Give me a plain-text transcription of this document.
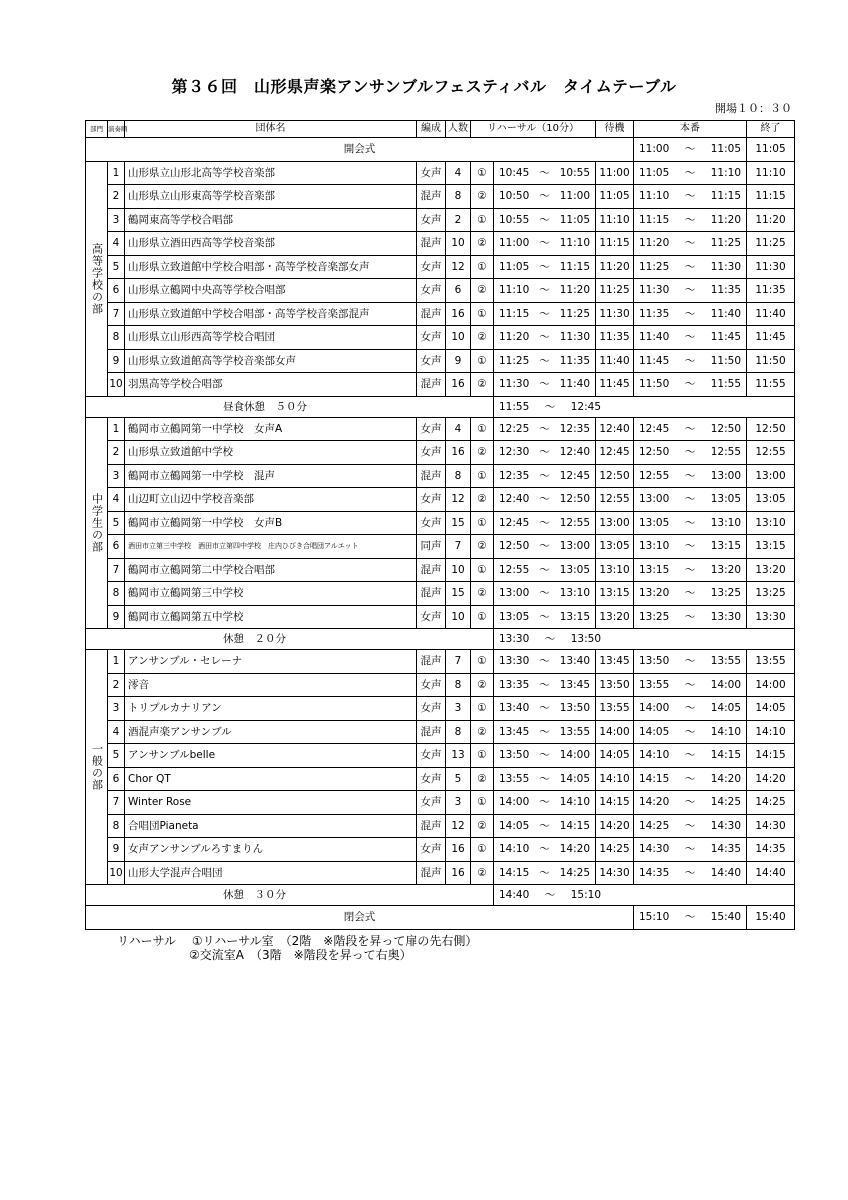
第３６回　山形県声楽アンサンブルフェスティバル　タイムテーブル
開場１０：３０
部門	演奏順	団体名	編成	人数	リハーサル（10分）		待機	本番	終了
開会式								11:00 ～ 11:05	11:05

高等学校の部	1	山形県立山形北高等学校音楽部	女声	4	①	10:45 ～ 10:55	11:00	11:05 ～ 11:10	11:10
	2	山形県立山形東高等学校音楽部	混声	8	②	10:50 ～ 11:00	11:05	11:10 ～ 11:15	11:15
	3	鶴岡東高等学校合唱部	女声	2	①	10:55 ～ 11:05	11:10	11:15 ～ 11:20	11:20
	4	山形県立酒田西高等学校音楽部	混声	10	②	11:00 ～ 11:10	11:15	11:20 ～ 11:25	11:25
	5	山形県立致道館中学校合唱部・高等学校音楽部女声	女声	12	①	11:05 ～ 11:15	11:20	11:25 ～ 11:30	11:30
	6	山形県立鶴岡中央高等学校合唱部	女声	6	②	11:10 ～ 11:20	11:25	11:30 ～ 11:35	11:35
	7	山形県立致道館中学校合唱部・高等学校音楽部混声	混声	16	①	11:15 ～ 11:25	11:30	11:35 ～ 11:40	11:40
	8	山形県立山形西高等学校合唱団	女声	10	②	11:20 ～ 11:30	11:35	11:40 ～ 11:45	11:45
	9	山形県立致道館高等学校音楽部女声	女声	9	①	11:25 ～ 11:35	11:40	11:45 ～ 11:50	11:50
	10	羽黒高等学校合唱部	混声	16	②	11:30 ～ 11:40	11:45	11:50 ～ 11:55	11:55
昼食休憩　５０分						11:55 ～ 12:45			

中学生の部	1	鶴岡市立鶴岡第一中学校　女声A	女声	4	①	12:25 ～ 12:35	12:40	12:45 ～ 12:50	12:50
	2	山形県立致道館中学校	女声	16	②	12:30 ～ 12:40	12:45	12:50 ～ 12:55	12:55
	3	鶴岡市立鶴岡第一中学校　混声	混声	8	①	12:35 ～ 12:45	12:50	12:55 ～ 13:00	13:00
	4	山辺町立山辺中学校音楽部	女声	12	②	12:40 ～ 12:50	12:55	13:00 ～ 13:05	13:05
	5	鶴岡市立鶴岡第一中学校　女声B	女声	15	①	12:45 ～ 12:55	13:00	13:05 ～ 13:10	13:10
	6	酒田市立第三中学校　酒田市立第四中学校　庄内ひびき合唱団アルエット	同声	7	②	12:50 ～ 13:00	13:05	13:10 ～ 13:15	13:15
	7	鶴岡市立鶴岡第二中学校合唱部	混声	10	①	12:55 ～ 13:05	13:10	13:15 ～ 13:20	13:20
	8	鶴岡市立鶴岡第三中学校	混声	15	②	13:00 ～ 13:10	13:15	13:20 ～ 13:25	13:25
	9	鶴岡市立鶴岡第五中学校	女声	10	①	13:05 ～ 13:15	13:20	13:25 ～ 13:30	13:30
休憩　２０分						13:30 ～ 13:50			

一般の部	1	アンサンブル・セレーナ	混声	7	①	13:30 ～ 13:40	13:45	13:50 ～ 13:55	13:55
	2	澪音	女声	8	②	13:35 ～ 13:45	13:50	13:55 ～ 14:00	14:00
	3	トリプルカナリアン	女声	3	①	13:40 ～ 13:50	13:55	14:00 ～ 14:05	14:05
	4	酒混声楽アンサンブル	混声	8	②	13:45 ～ 13:55	14:00	14:05 ～ 14:10	14:10
	5	アンサンブルbelle	女声	13	①	13:50 ～ 14:00	14:05	14:10 ～ 14:15	14:15
	6	Chor QT	女声	5	②	13:55 ～ 14:05	14:10	14:15 ～ 14:20	14:20
	7	Winter Rose	女声	3	①	14:00 ～ 14:10	14:15	14:20 ～ 14:25	14:25
	8	合唱団Pianeta	混声	12	②	14:05 ～ 14:15	14:20	14:25 ～ 14:30	14:30
	9	女声アンサンブルろすまりん	女声	16	①	14:10 ～ 14:20	14:25	14:30 ～ 14:35	14:35
	10	山形大学混声合唱団	混声	16	②	14:15 ～ 14:25	14:30	14:35 ～ 14:40	14:40
休憩　３０分						14:40 ～ 15:10			

閉会式								15:10 ～ 15:40	15:40
リハーサル　 ①リハーサル室　（2階　※階段を昇って扉の先右側）
②交流室A　（3階　※階段を昇って右奥）
